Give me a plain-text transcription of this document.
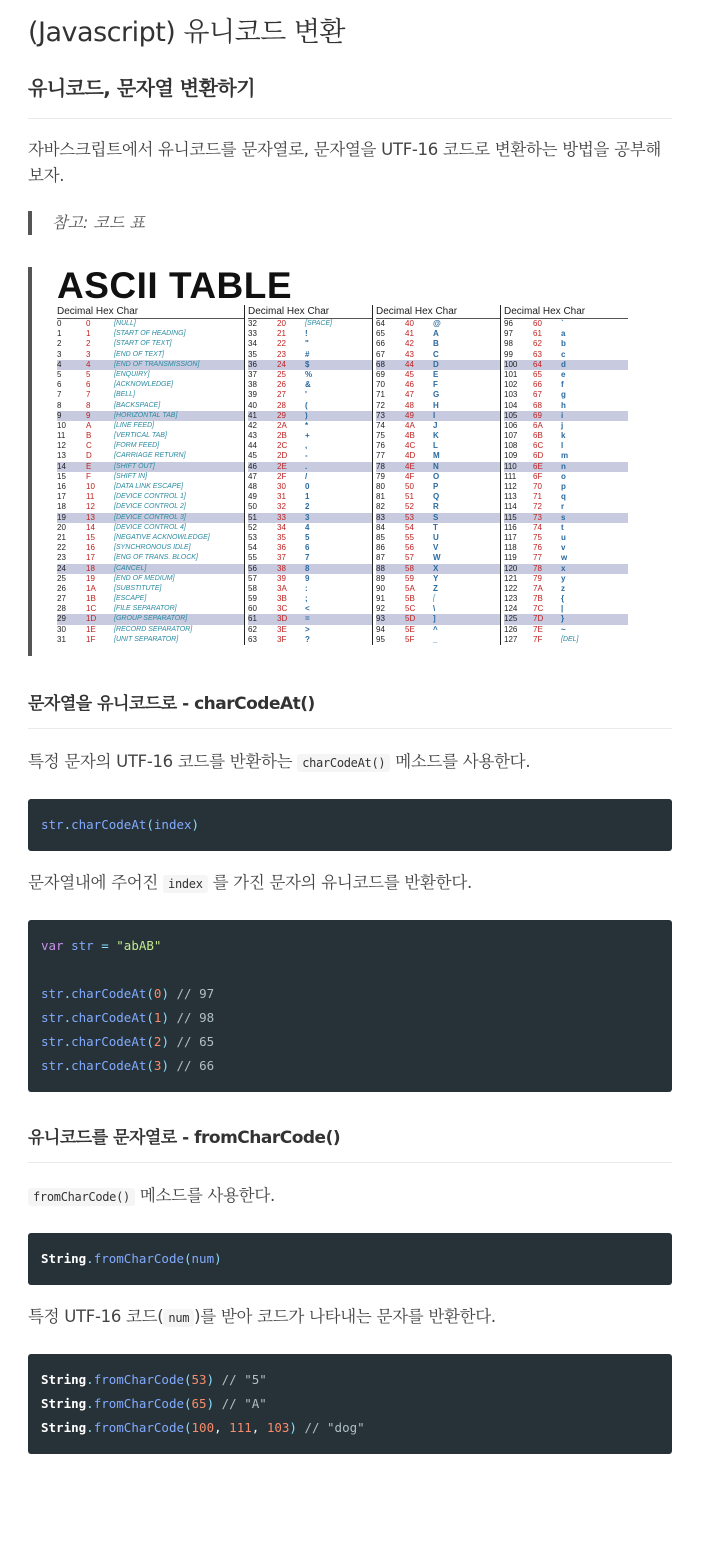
(Javascript) 유니코드 변환
유니코드, 문자열 변환하기

자바스크립트에서 유니코드를 문자열로, 문자열을 UTF-16 코드로 변환하는 방법을 공부해보자.

참고: 코드 표
ASCII TABLE
Decimal Hex Char
0	0	[NULL]
1	1	[START OF HEADING]
2	2	[START OF TEXT]
3	3	[END OF TEXT]
4	4	[END OF TRANSMISSION]
5	5	[ENQUIRY]
6	6	[ACKNOWLEDGE]
7	7	[BELL]
8	8	[BACKSPACE]
9	9	[HORIZONTAL TAB]
10	A	[LINE FEED]
11	B	[VERTICAL TAB]
12	C	[FORM FEED]
13	D	[CARRIAGE RETURN]
14	E	[SHIFT OUT]
15	F	[SHIFT IN]
16	10	[DATA LINK ESCAPE]
17	11	[DEVICE CONTROL 1]
18	12	[DEVICE CONTROL 2]
19	13	[DEVICE CONTROL 3]
20	14	[DEVICE CONTROL 4]
21	15	[NEGATIVE ACKNOWLEDGE]
22	16	[SYNCHRONOUS IDLE]
23	17	[ENG OF TRANS. BLOCK]
24	18	[CANCEL]
25	19	[END OF MEDIUM]
26	1A	[SUBSTITUTE]
27	1B	[ESCAPE]
28	1C	[FILE SEPARATOR]
29	1D	[GROUP SEPARATOR]
30	1E	[RECORD SEPARATOR]
31	1F	[UNIT SEPARATOR]
Decimal Hex Char
32	20	[SPACE]
33	21	!
34	22	"
35	23	#
36	24	$
37	25	%
38	26	&
39	27	'
40	28	(
41	29	)
42	2A	*
43	2B	+
44	2C	,
45	2D	-
46	2E	.
47	2F	/
48	30	0
49	31	1
50	32	2
51	33	3
52	34	4
53	35	5
54	36	6
55	37	7
56	38	8
57	39	9
58	3A	:
59	3B	;
60	3C	<
61	3D	=
62	3E	>
63	3F	?
Decimal Hex Char
64	40	@
65	41	A
66	42	B
67	43	C
68	44	D
69	45	E
70	46	F
71	47	G
72	48	H
73	49	I
74	4A	J
75	4B	K
76	4C	L
77	4D	M
78	4E	N
79	4F	O
80	50	P
81	51	Q
82	52	R
83	53	S
84	54	T
85	55	U
86	56	V
87	57	W
88	58	X
89	59	Y
90	5A	Z
91	5B	[
92	5C	\
93	5D	]
94	5E	^
95	5F	_
Decimal Hex Char
96	60	`
97	61	a
98	62	b
99	63	c
100	64	d
101	65	e
102	66	f
103	67	g
104	68	h
105	69	i
106	6A	j
107	6B	k
108	6C	l
109	6D	m
110	6E	n
111	6F	o
112	70	p
113	71	q
114	72	r
115	73	s
116	74	t
117	75	u
118	76	v
119	77	w
120	78	x
121	79	y
122	7A	z
123	7B	{
124	7C	|
125	7D	}
126	7E	~
127	7F	[DEL]
문자열을 유니코드로 - charCodeAt()

특정 문자의 UTF-16 코드를 반환하는 charCodeAt() 메소드를 사용한다.

str.charCodeAt(index)

문자열내에 주어진 index 를 가진 문자의 유니코드를 반환한다.

var str = "abAB"

str.charCodeAt(0) // 97
str.charCodeAt(1) // 98
str.charCodeAt(2) // 65
str.charCodeAt(3) // 66
유니코드를 문자열로 - fromCharCode()

fromCharCode() 메소드를 사용한다.

String.fromCharCode(num)

특정 UTF-16 코드( num )를 받아 코드가 나타내는 문자를 반환한다.

String.fromCharCode(53) // "5"
String.fromCharCode(65) // "A"
String.fromCharCode(100, 111, 103) // "dog"
